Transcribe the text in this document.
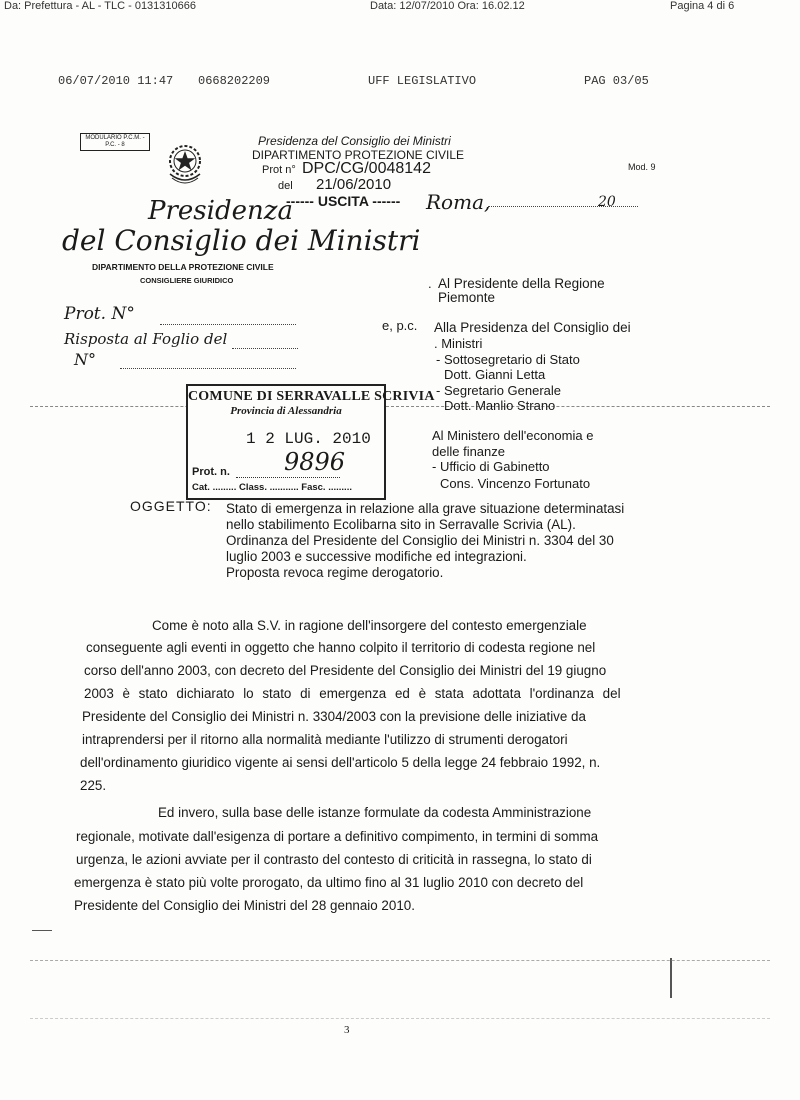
Da: Prefettura - AL - TLC - 0131310666	Data: 12/07/2010 Ora: 16.02.12	Pagina 4 di 6
06/07/2010 11:47 0668202209	UFF LEGISLATIVO	PAG 03/05
MODULARIO P.C.M. - P.C. - 8	Presidenza del Consiglio dei Ministri
DIPARTIMENTO PROTEZIONE CIVILE
Prot n° DPC/CG/0048142
del 21/06/2010
------ USCITA ------
Mod. 9
Roma,	20
Presidenza
del Consiglio dei Ministri
DIPARTIMENTO DELLA PROTEZIONE CIVILE
CONSIGLIERE GIURIDICO
Prot. N°
Risposta al Foglio del
N°
. Al Presidente della Regione
Piemonte
e, p.c. Alla Presidenza del Consiglio dei
. Ministri
- Sottosegretario di Stato
Dott. Gianni Letta
- Segretario Generale
Dott. Manlio Strano
Al Ministero dell'economia e
delle finanze
- Ufficio di Gabinetto
Cons. Vincenzo Fortunato
COMUNE DI SERRAVALLE SCRIVIA
Provincia di Alessandria
1 2 LUG. 2010
Prot. n. 9896
Cat. ......... Class. ........... Fasc. .........
OGGETTO: Stato di emergenza in relazione alla grave situazione determinatasi
nello stabilimento Ecolibarna sito in Serravalle Scrivia (AL).
Ordinanza del Presidente del Consiglio dei Ministri n. 3304 del 30
luglio 2003 e successive modifiche ed integrazioni.
Proposta revoca regime derogatorio.
Come è noto alla S.V. in ragione dell'insorgere del contesto emergenziale
conseguente agli eventi in oggetto che hanno colpito il territorio di codesta regione nel
corso dell'anno 2003, con decreto del Presidente del Consiglio dei Ministri del 19 giugno
2003 è stato dichiarato lo stato di emergenza ed è stata adottata l'ordinanza del
Presidente del Consiglio dei Ministri n. 3304/2003 con la previsione delle iniziative da
intraprendersi per il ritorno alla normalità mediante l'utilizzo di strumenti derogatori
dell'ordinamento giuridico vigente ai sensi dell'articolo 5 della legge 24 febbraio 1992, n.
225.
Ed invero, sulla base delle istanze formulate da codesta Amministrazione
regionale, motivate dall'esigenza di portare a definitivo compimento, in termini di somma
urgenza, le azioni avviate per il contrasto del contesto di criticità in rassegna, lo stato di
emergenza è stato più volte prorogato, da ultimo fino al 31 luglio 2010 con decreto del
Presidente del Consiglio dei Ministri del 28 gennaio 2010.
3
